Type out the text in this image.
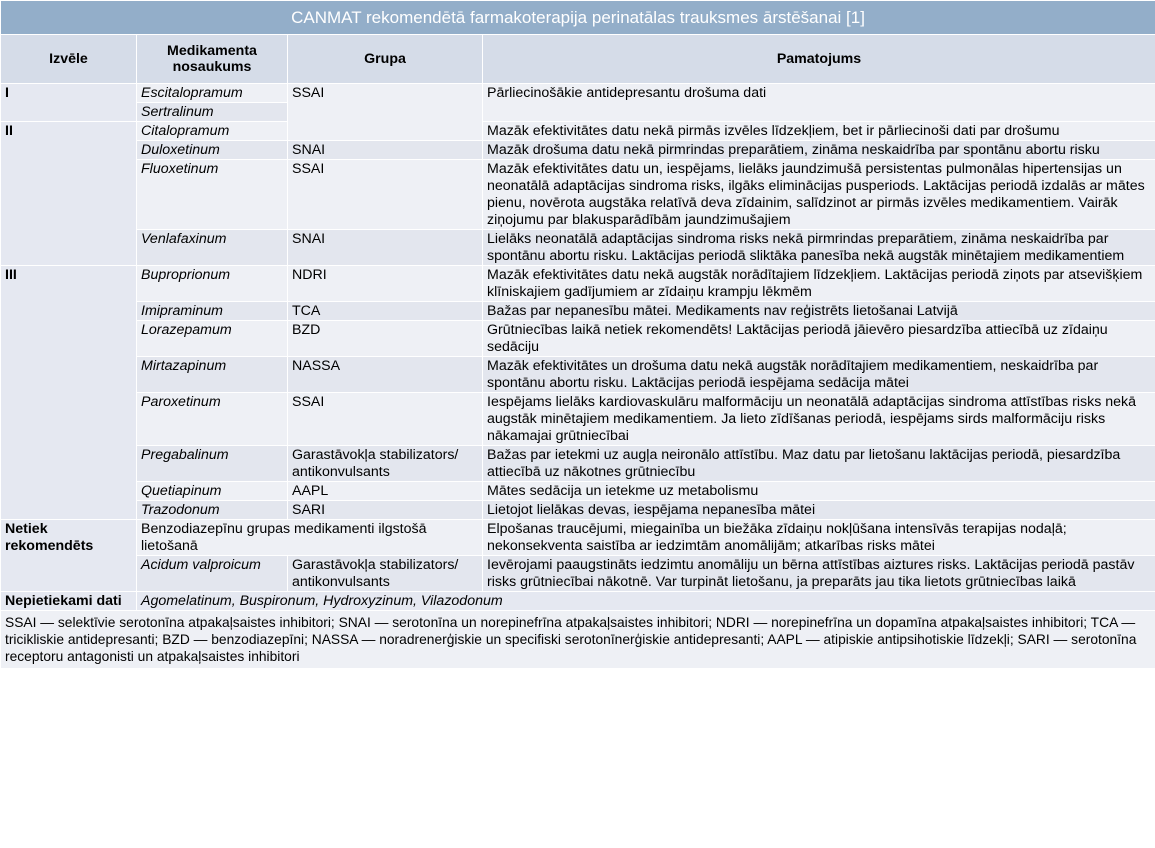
CANMAT rekomendētā farmakoterapija perinatālas trauksmes ārstēšanai [1]			
Izvēle	Medikamenta nosaukums	Grupa	Pamatojums
I	Escitalopramum	SSAI	Pārliecinošākie antidepresantu drošuma dati
	Sertralinum		
II	Citalopramum		Mazāk efektivitātes datu nekā pirmās izvēles līdzekļiem, bet ir pārliecinoši dati par drošumu
	Duloxetinum	SNAI	Mazāk drošuma datu nekā pirmrindas preparātiem, zināma neskaidrība par spontānu abortu risku
	Fluoxetinum	SSAI	Mazāk efektivitātes datu un, iespējams, lielāks jaundzimušā persistentas pulmonālas hipertensijas un neonatālā adaptācijas sindroma risks, ilgāks eliminācijas pusperiods. Laktācijas periodā izdalās ar mātes pienu, novērota augstāka relatīvā deva zīdainim, salīdzinot ar pirmās izvēles medikamentiem. Vairāk ziņojumu par blakusparādībām jaundzimušajiem
	Venlafaxinum	SNAI	Lielāks neonatālā adaptācijas sindroma risks nekā pirmrindas preparātiem, zināma neskaidrība par spontānu abortu risku. Laktācijas periodā sliktāka panesība nekā augstāk minētajiem medikamentiem
III	Buproprionum	NDRI	Mazāk efektivitātes datu nekā augstāk norādītajiem līdzekļiem. Laktācijas periodā ziņots par atsevišķiem klīniskajiem gadījumiem ar zīdaiņu krampju lēkmēm
	Imipraminum	TCA	Bažas par nepanesību mātei. Medikaments nav reģistrēts lietošanai Latvijā
	Lorazepamum	BZD	Grūtniecības laikā netiek rekomendēts! Laktācijas periodā jāievēro piesardzība attiecībā uz zīdaiņu sedāciju
	Mirtazapinum	NASSA	Mazāk efektivitātes un drošuma datu nekā augstāk norādītajiem medikamentiem, neskaidrība par spontānu abortu risku. Laktācijas periodā iespējama sedācija mātei
	Paroxetinum	SSAI	Iespējams lielāks kardiovaskulāru malformāciju un neonatālā adaptācijas sindroma attīstības risks nekā augstāk minētajiem medikamentiem. Ja lieto zīdīšanas periodā, iespējams sirds malformāciju risks nākamajai grūtniecībai
	Pregabalinum	Garastāvokļa stabilizators/ antikonvulsants	Bažas par ietekmi uz augļa neironālo attīstību. Maz datu par lietošanu laktācijas periodā, piesardzība attiecībā uz nākotnes grūtniecību
	Quetiapinum	AAPL	Mātes sedācija un ietekme uz metabolismu
	Trazodonum	SARI	Lietojot lielākas devas, iespējama nepanesība mātei
Netiek rekomendēts	Benzodiazepīnu grupas medikamenti ilgstošā lietošanā		Elpošanas traucējumi, miegainība un biežāka zīdaiņu nokļūšana intensīvās terapijas nodaļā; nekonsekventa saistība ar iedzimtām anomālijām; atkarības risks mātei
	Acidum valproicum	Garastāvokļa stabilizators/ antikonvulsants	Ievērojami paaugstināts iedzimtu anomāliju un bērna attīstības aiztures risks. Laktācijas periodā pastāv risks grūtniecībai nākotnē. Var turpināt lietošanu, ja preparāts jau tika lietots grūtniecības laikā
Nepietiekami dati	Agomelatinum, Buspironum, Hydroxyzinum, Vilazodonum		
SSAI — selektīvie serotonīna atpakaļsaistes inhibitori; SNAI — serotonīna un norepinefrīna atpakaļsaistes inhibitori; NDRI — norepinefrīna un dopamīna atpakaļsaistes inhibitori; TCA — tricikliskie antidepresanti; BZD — benzodiazepīni; NASSA — noradrenerģiskie un specifiski serotonīnerģiskie antidepresanti; AAPL — atipiskie antipsihotiskie līdzekļi; SARI — serotonīna receptoru antagonisti un atpakaļsaistes inhibitori			
